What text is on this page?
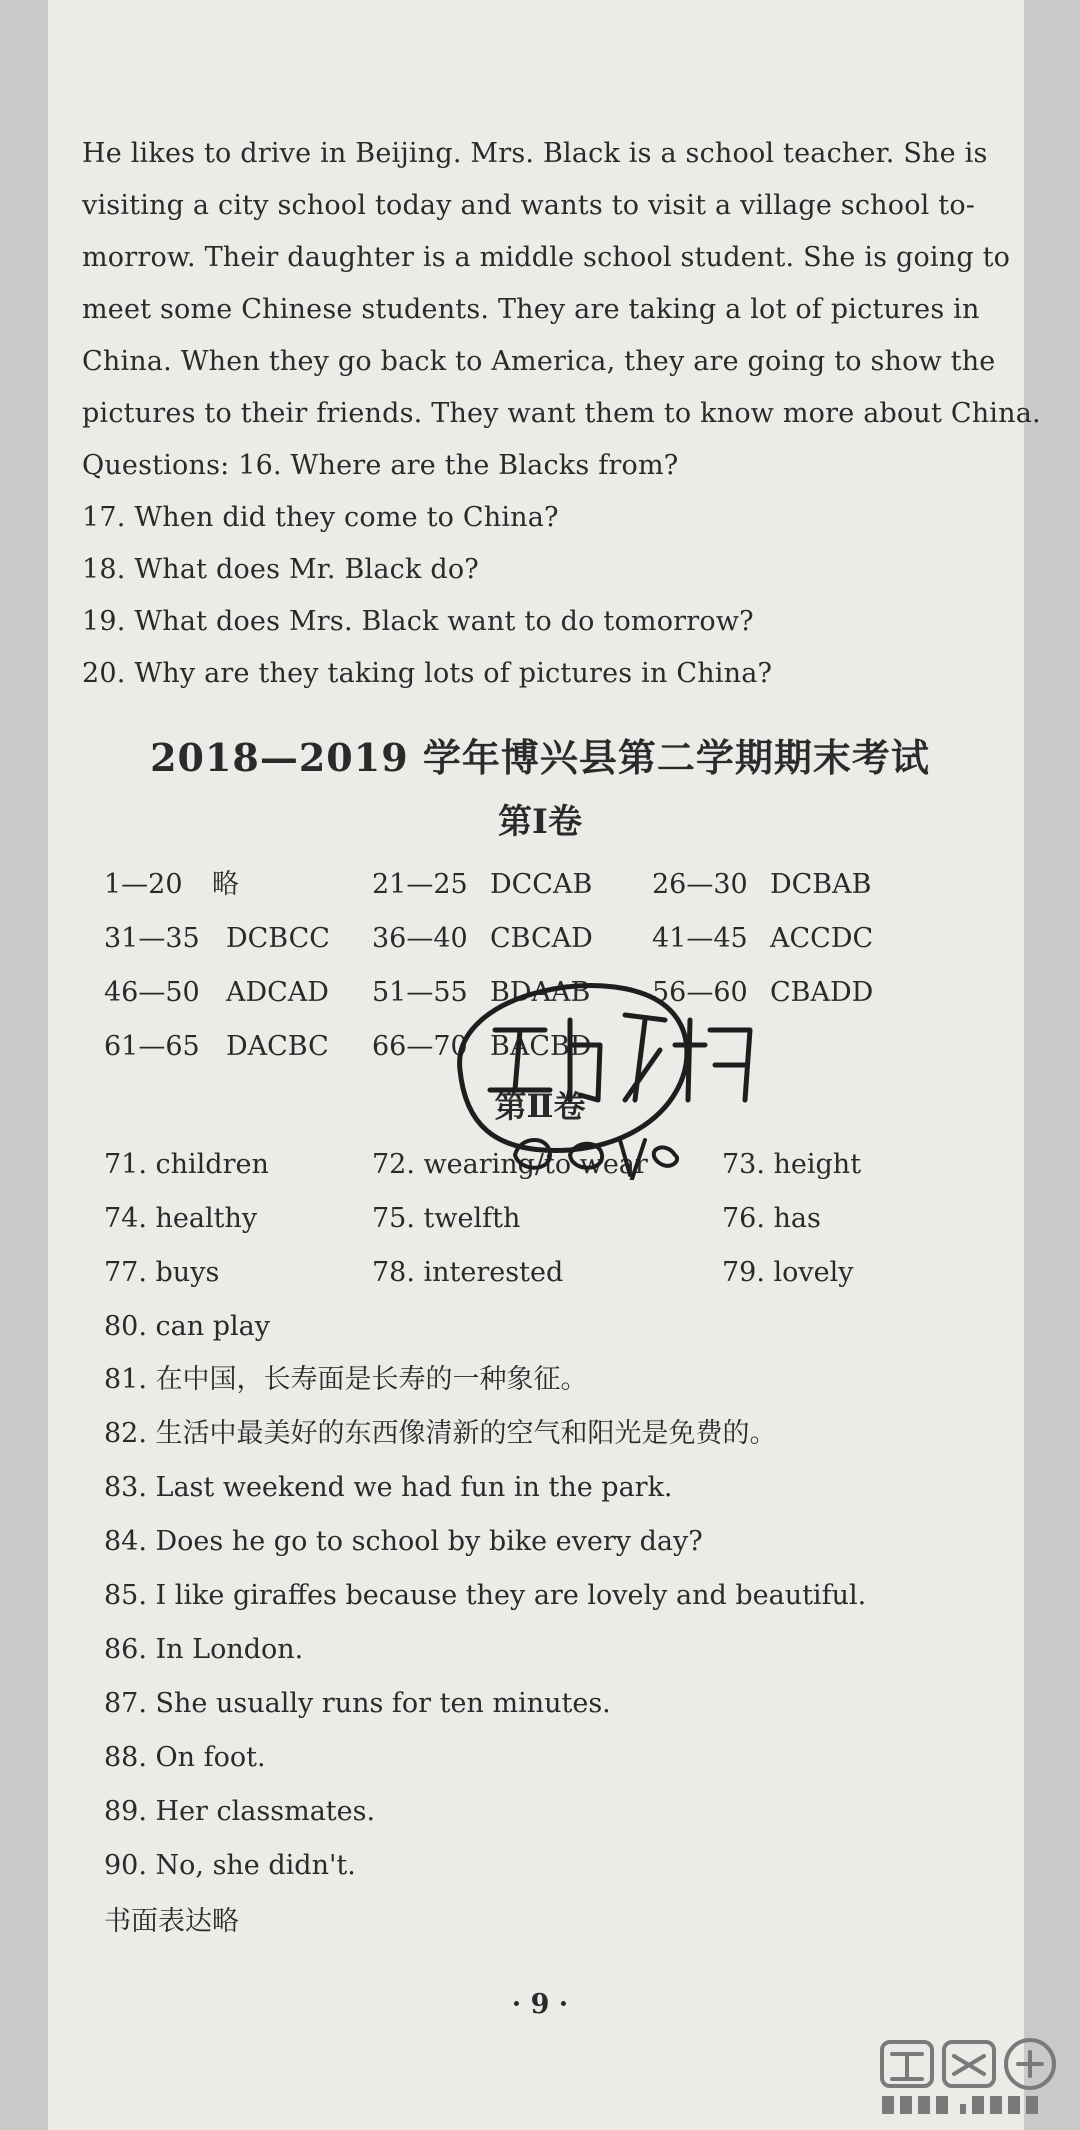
He likes to drive in Beijing. Mrs. Black is a school teacher. She is
visiting a city school today and wants to visit a village school to-
morrow. Their daughter is a middle school student. She is going to
meet some Chinese students. They are taking a lot of pictures in
China. When they go back to America, they are going to show the
pictures to their friends. They want them to know more about China.
Questions: 16. Where are the Blacks from?
17. When did they come to China?
18. What does Mr. Black do?
19. What does Mrs. Black want to do tomorrow?
20. Why are they taking lots of pictures in China?
2018—2019 学年博兴县第二学期期末考试
第Ⅰ卷
1—20 略	21—25 DCCAB 26—30 DCBAB
31—35 DCBCC 36—40 CBCAD 41—45 ACCDC
46—50 ADCAD 51—55 BDAAB 56—60 CBADD
61—65 DACBC 66—70 BACBD
第Ⅱ卷
71. children	72. wearing/to wear	73. height
74. healthy	75. twelfth	76. has
77. buys	78. interested	79. lovely
80. can play
81. 在中国，长寿面是长寿的一种象征。
82. 生活中最美好的东西像清新的空气和阳光是免费的。
83. Last weekend we had fun in the park.
84. Does he go to school by bike every day?
85. I like giraffes because they are lovely and beautiful.
86. In London.
87. She usually runs for ten minutes.
88. On foot.
89. Her classmates.
90. No, she didn't.
书面表达略
· 9 ·
